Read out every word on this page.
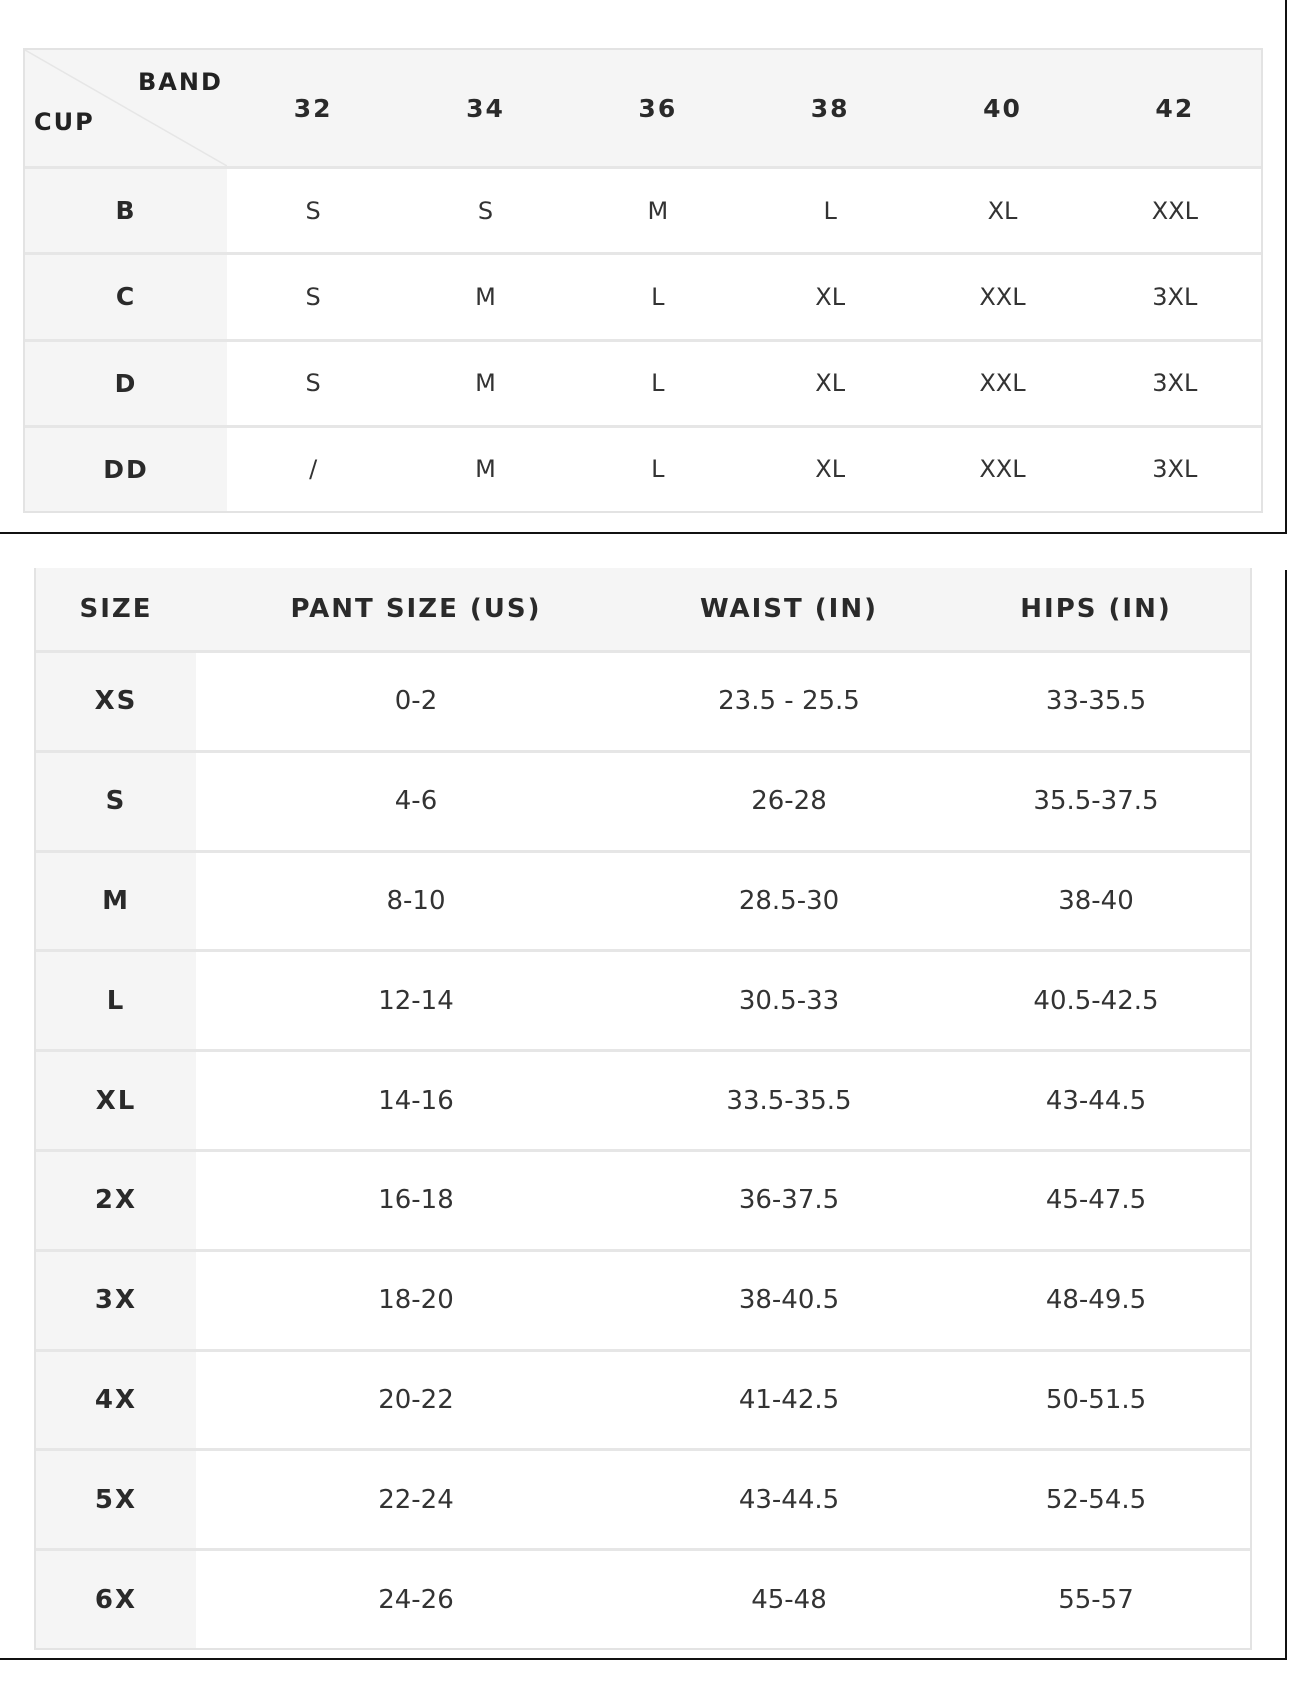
BAND
CUP	32	34	36	38	40	42
B	S	S	M	L	XL	XXL
C	S	M	L	XL	XXL	3XL
D	S	M	L	XL	XXL	3XL
DD	/	M	L	XL	XXL	3XL
SIZE	PANT SIZE (US)	WAIST (IN)	HIPS (IN)
XS	0-2	23.5 - 25.5	33-35.5
S	4-6	26-28	35.5-37.5
M	8-10	28.5-30	38-40
L	12-14	30.5-33	40.5-42.5
XL	14-16	33.5-35.5	43-44.5
2X	16-18	36-37.5	45-47.5
3X	18-20	38-40.5	48-49.5
4X	20-22	41-42.5	50-51.5
5X	22-24	43-44.5	52-54.5
6X	24-26	45-48	55-57
